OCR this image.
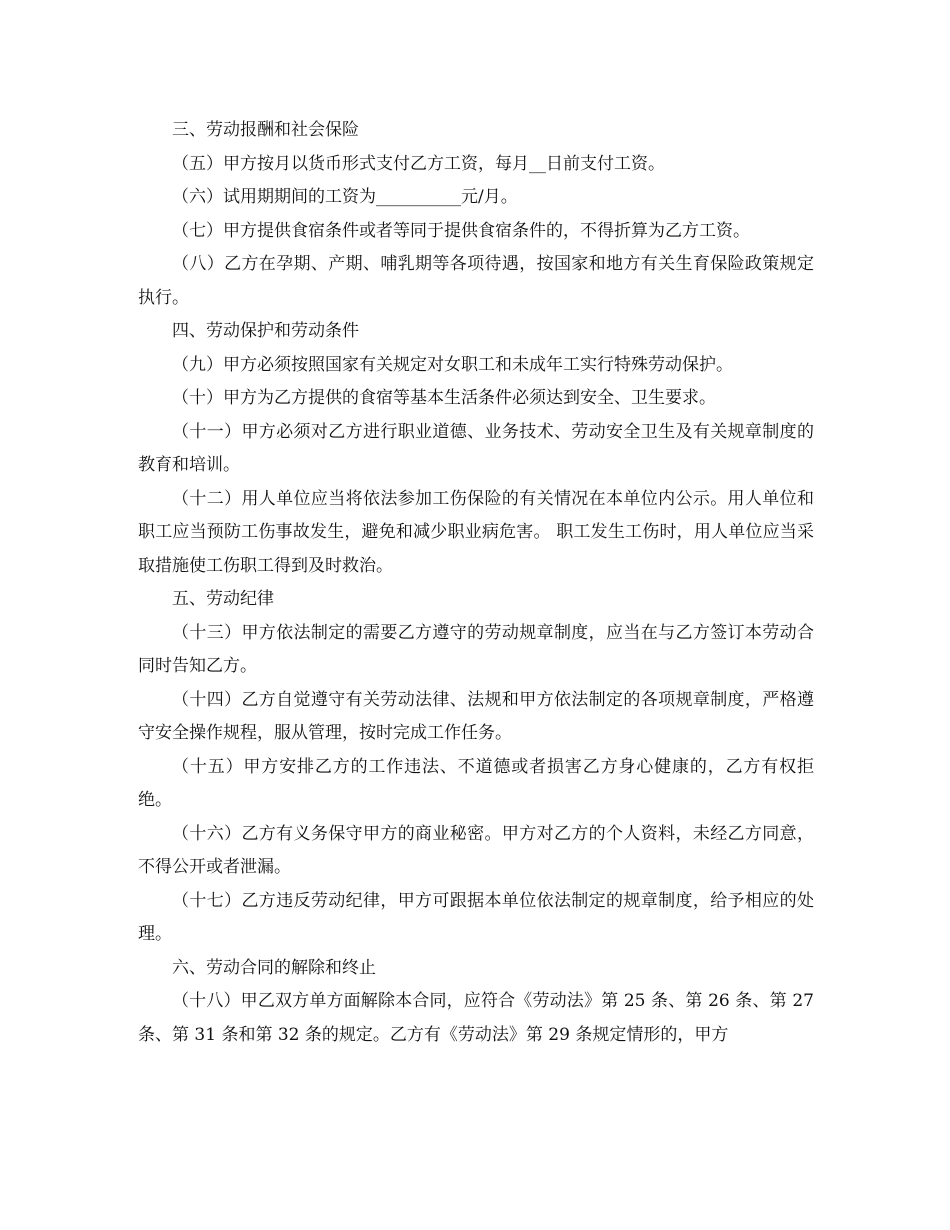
三、劳动报酬和社会保险

（五）甲方按月以货币形式支付乙方工资，每月__日前支付工资。

（六）试用期期间的工资为__________元/月。

（七）甲方提供食宿条件或者等同于提供食宿条件的，不得折算为乙方工资。

（八）乙方在孕期、产期、哺乳期等各项待遇，按国家和地方有关生育保险政策规定执行。

四、劳动保护和劳动条件

（九）甲方必须按照国家有关规定对女职工和未成年工实行特殊劳动保护。

（十）甲方为乙方提供的食宿等基本生活条件必须达到安全、卫生要求。

（十一）甲方必须对乙方进行职业道德、业务技术、劳动安全卫生及有关规章制度的教育和培训。

（十二）用人单位应当将依法参加工伤保险的有关情况在本单位内公示。用人单位和职工应当预防工伤事故发生，避免和减少职业病危害。 职工发生工伤时，用人单位应当采取措施使工伤职工得到及时救治。

五、劳动纪律

（十三）甲方依法制定的需要乙方遵守的劳动规章制度，应当在与乙方签订本劳动合同时告知乙方。

（十四）乙方自觉遵守有关劳动法律、法规和甲方依法制定的各项规章制度，严格遵守安全操作规程，服从管理，按时完成工作任务。

（十五）甲方安排乙方的工作违法、不道德或者损害乙方身心健康的，乙方有权拒绝。

（十六）乙方有义务保守甲方的商业秘密。甲方对乙方的个人资料，未经乙方同意，不得公开或者泄漏。

（十七）乙方违反劳动纪律，甲方可跟据本单位依法制定的规章制度，给予相应的处理。

六、劳动合同的解除和终止

（十八）甲乙双方单方面解除本合同，应符合《劳动法》第 25 条、第 26 条、第 27 条、第 31 条和第 32 条的规定。乙方有《劳动法》第 29 条规定情形的，甲方
